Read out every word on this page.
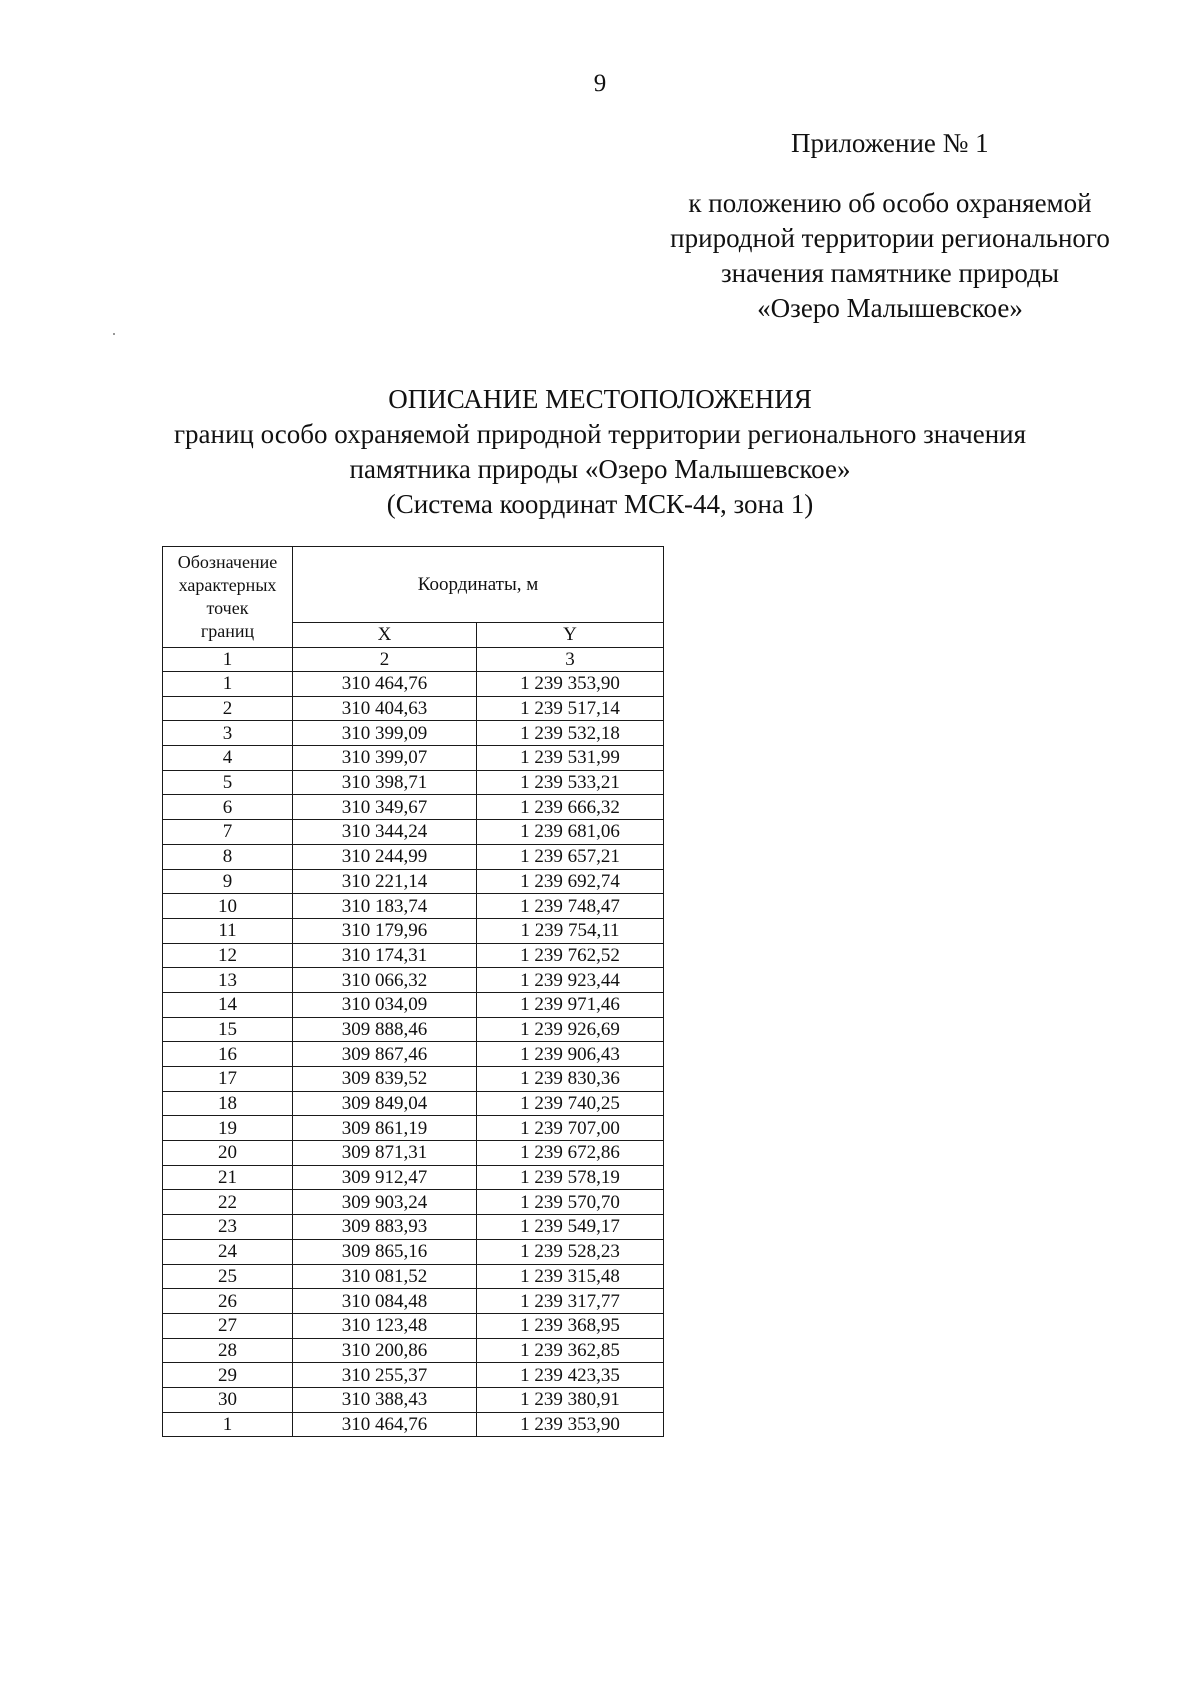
9
Приложение № 1
к положению об особо охраняемой
природной территории регионального
значения памятнике природы
«Озеро Малышевское»
ОПИСАНИЕ МЕСТОПОЛОЖЕНИЯ
границ особо охраняемой природной территории регионального значения
памятника природы «Озеро Малышевское»
(Система координат МСК-44, зона 1)
Обозначение
характерных
точек
границ	Координаты, м	
	X	Y
1	2	3
1	310 464,76	1 239 353,90
2	310 404,63	1 239 517,14
3	310 399,09	1 239 532,18
4	310 399,07	1 239 531,99
5	310 398,71	1 239 533,21
6	310 349,67	1 239 666,32
7	310 344,24	1 239 681,06
8	310 244,99	1 239 657,21
9	310 221,14	1 239 692,74
10	310 183,74	1 239 748,47
11	310 179,96	1 239 754,11
12	310 174,31	1 239 762,52
13	310 066,32	1 239 923,44
14	310 034,09	1 239 971,46
15	309 888,46	1 239 926,69
16	309 867,46	1 239 906,43
17	309 839,52	1 239 830,36
18	309 849,04	1 239 740,25
19	309 861,19	1 239 707,00
20	309 871,31	1 239 672,86
21	309 912,47	1 239 578,19
22	309 903,24	1 239 570,70
23	309 883,93	1 239 549,17
24	309 865,16	1 239 528,23
25	310 081,52	1 239 315,48
26	310 084,48	1 239 317,77
27	310 123,48	1 239 368,95
28	310 200,86	1 239 362,85
29	310 255,37	1 239 423,35
30	310 388,43	1 239 380,91
1	310 464,76	1 239 353,90
